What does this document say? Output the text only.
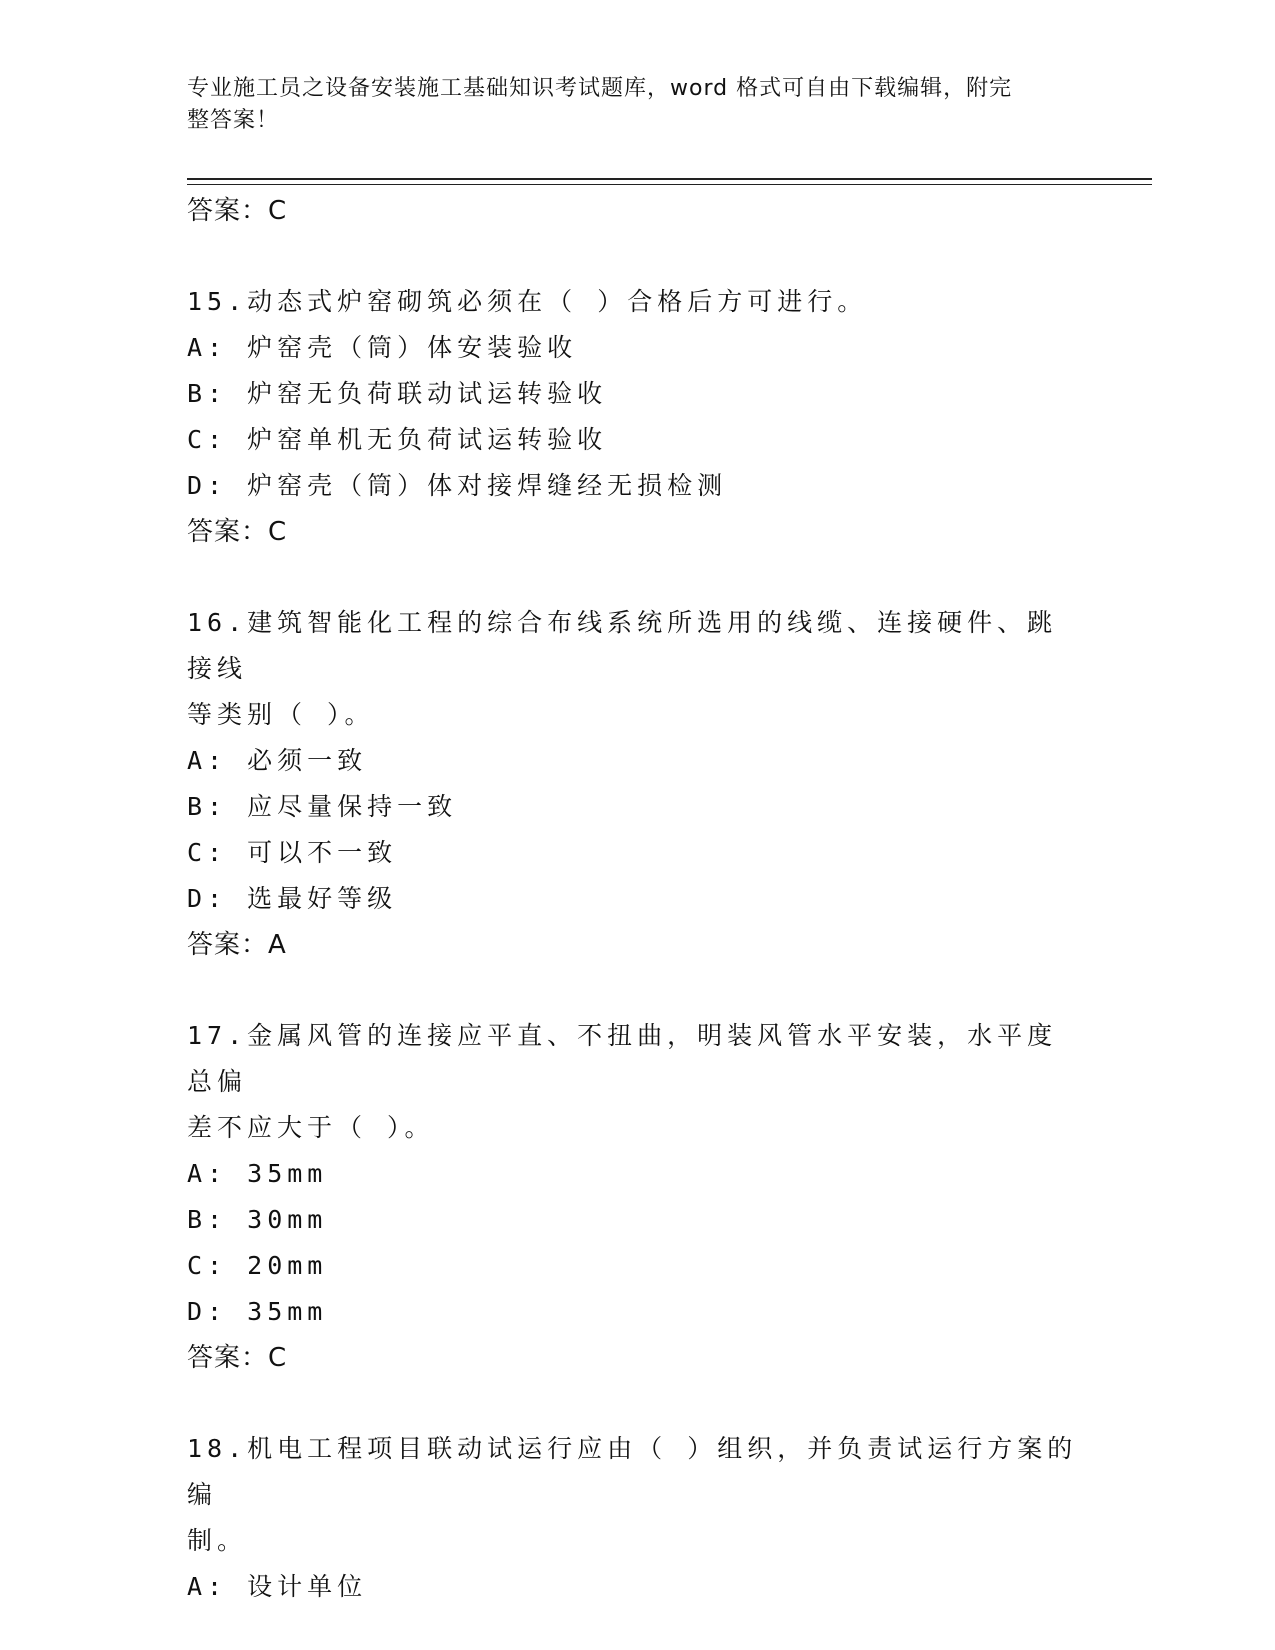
专业施工员之设备安装施工基础知识考试题库，word 格式可自由下载编辑，附完
整答案！
答案：C
15.动态式炉窑砌筑必须在（ ）合格后方可进行。
A: 炉窑壳（筒）体安装验收
B: 炉窑无负荷联动试运转验收
C: 炉窑单机无负荷试运转验收
D: 炉窑壳（筒）体对接焊缝经无损检测
答案：C
16.建筑智能化工程的综合布线系统所选用的线缆、连接硬件、跳接线
等类别（ ）。
A: 必须一致
B: 应尽量保持一致
C: 可以不一致
D: 选最好等级
答案：A
17.金属风管的连接应平直、不扭曲，明装风管水平安装，水平度总偏
差不应大于（ ）。
A: 35mm
B: 30mm
C: 20mm
D: 35mm
答案：C
18.机电工程项目联动试运行应由（ ）组织，并负责试运行方案的编
制。
A: 设计单位
